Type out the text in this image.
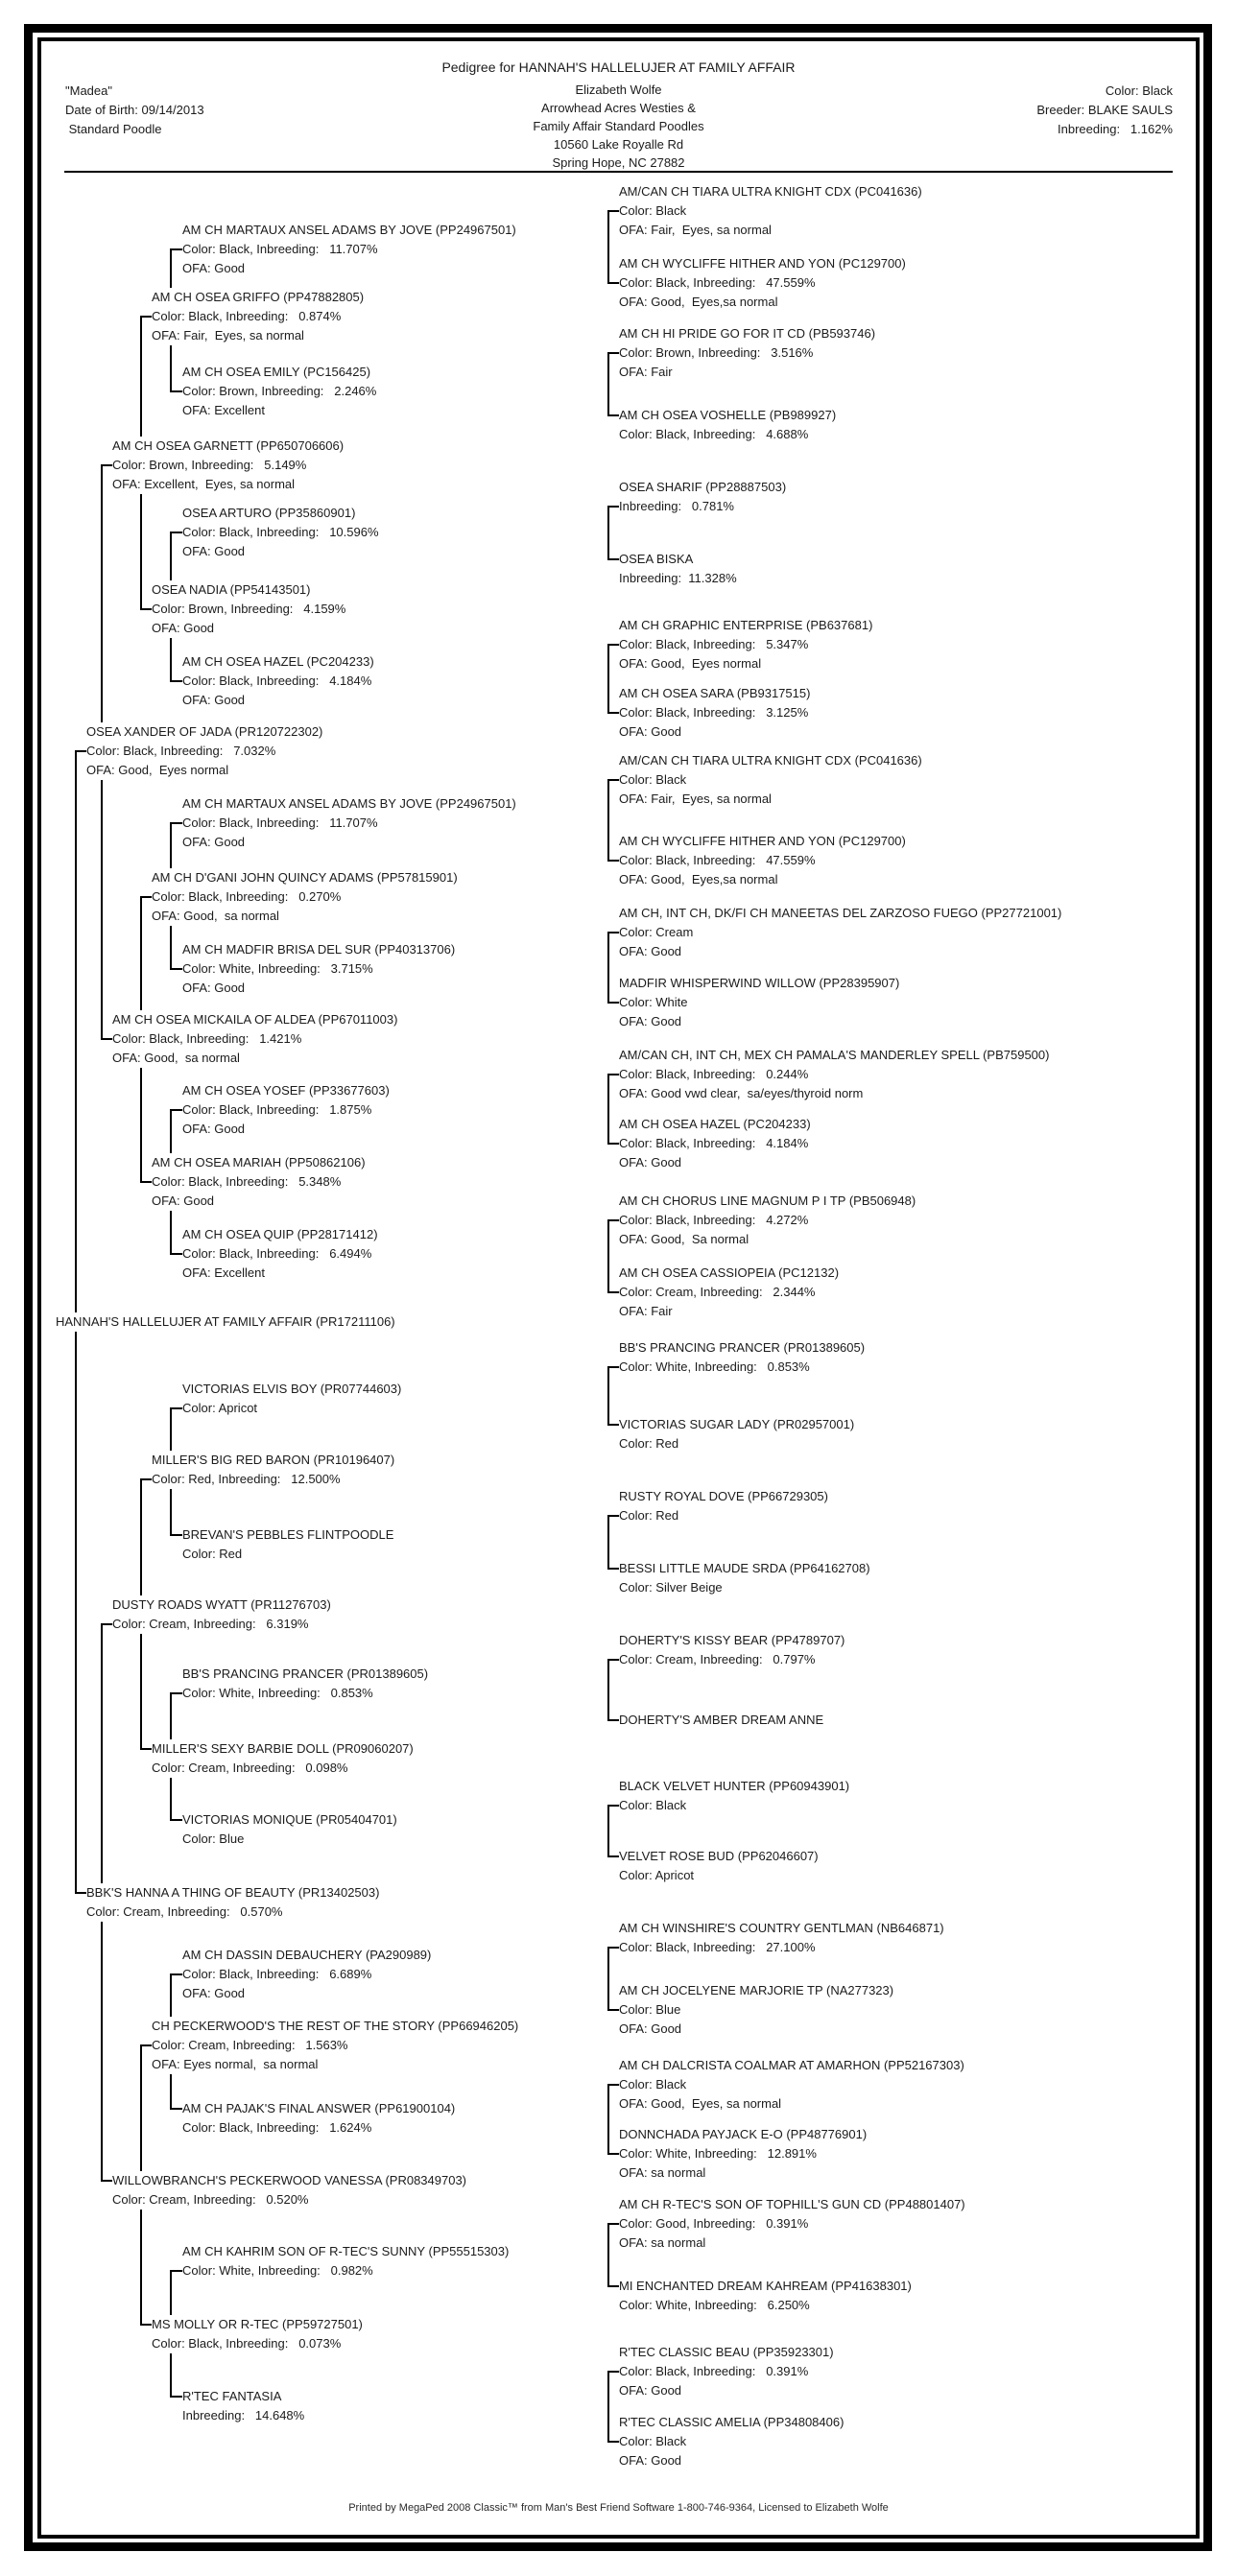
Pedigree for HANNAH'S HALLELUJER AT FAMILY AFFAIR
"Madea"
Date of Birth: 09/14/2013
Standard Poodle
Elizabeth Wolfe
Arrowhead Acres Westies &
Family Affair Standard Poodles
10560 Lake Royalle Rd
Spring Hope, NC 27882
Color: Black
Breeder: BLAKE SAULS
Inbreeding:   1.162%
HANNAH'S HALLELUJER AT FAMILY AFFAIR (PR17211106)
OSEA XANDER OF JADA (PR120722302)
Color: Black, Inbreeding:   7.032%
OFA: Good,  Eyes normal
BBK'S HANNA A THING OF BEAUTY (PR13402503)
Color: Cream, Inbreeding:   0.570%
AM CH OSEA GARNETT (PP650706606)
Color: Brown, Inbreeding:   5.149%
OFA: Excellent,  Eyes, sa normal
AM CH OSEA MICKAILA OF ALDEA (PP67011003)
Color: Black, Inbreeding:   1.421%
OFA: Good,  sa normal
DUSTY ROADS WYATT (PR11276703)
Color: Cream, Inbreeding:   6.319%
WILLOWBRANCH'S PECKERWOOD VANESSA (PR08349703)
Color: Cream, Inbreeding:   0.520%
AM CH OSEA GRIFFO (PP47882805)
Color: Black, Inbreeding:   0.874%
OFA: Fair,  Eyes, sa normal
OSEA NADIA (PP54143501)
Color: Brown, Inbreeding:   4.159%
OFA: Good
AM CH D'GANI JOHN QUINCY ADAMS (PP57815901)
Color: Black, Inbreeding:   0.270%
OFA: Good,  sa normal
AM CH OSEA MARIAH (PP50862106)
Color: Black, Inbreeding:   5.348%
OFA: Good
MILLER'S BIG RED BARON (PR10196407)
Color: Red, Inbreeding:   12.500%
MILLER'S SEXY BARBIE DOLL (PR09060207)
Color: Cream, Inbreeding:   0.098%
CH PECKERWOOD'S THE REST OF THE STORY (PP66946205)
Color: Cream, Inbreeding:   1.563%
OFA: Eyes normal,  sa normal
MS MOLLY OR R-TEC (PP59727501)
Color: Black, Inbreeding:   0.073%
AM CH MARTAUX ANSEL ADAMS BY JOVE (PP24967501)
Color: Black, Inbreeding:   11.707%
OFA: Good
AM CH OSEA EMILY (PC156425)
Color: Brown, Inbreeding:   2.246%
OFA: Excellent
OSEA ARTURO (PP35860901)
Color: Black, Inbreeding:   10.596%
OFA: Good
AM CH OSEA HAZEL (PC204233)
Color: Black, Inbreeding:   4.184%
OFA: Good
AM CH MARTAUX ANSEL ADAMS BY JOVE (PP24967501)
Color: Black, Inbreeding:   11.707%
OFA: Good
AM CH MADFIR BRISA DEL SUR (PP40313706)
Color: White, Inbreeding:   3.715%
OFA: Good
AM CH OSEA YOSEF (PP33677603)
Color: Black, Inbreeding:   1.875%
OFA: Good
AM CH OSEA QUIP (PP28171412)
Color: Black, Inbreeding:   6.494%
OFA: Excellent
VICTORIAS ELVIS BOY (PR07744603)
Color: Apricot
BREVAN'S PEBBLES FLINTPOODLE
Color: Red
BB'S PRANCING PRANCER (PR01389605)
Color: White, Inbreeding:   0.853%
VICTORIAS MONIQUE (PR05404701)
Color: Blue
AM CH DASSIN DEBAUCHERY (PA290989)
Color: Black, Inbreeding:   6.689%
OFA: Good
AM CH PAJAK'S FINAL ANSWER (PP61900104)
Color: Black, Inbreeding:   1.624%
AM CH KAHRIM SON OF R-TEC'S SUNNY (PP55515303)
Color: White, Inbreeding:   0.982%
R'TEC FANTASIA
Inbreeding:   14.648%
AM/CAN CH TIARA ULTRA KNIGHT CDX (PC041636)
Color: Black
OFA: Fair,  Eyes, sa normal
AM CH WYCLIFFE HITHER AND YON (PC129700)
Color: Black, Inbreeding:   47.559%
OFA: Good,  Eyes,sa normal
AM CH HI PRIDE GO FOR IT CD (PB593746)
Color: Brown, Inbreeding:   3.516%
OFA: Fair
AM CH OSEA VOSHELLE (PB989927)
Color: Black, Inbreeding:   4.688%
OSEA SHARIF (PP28887503)
Inbreeding:   0.781%
OSEA BISKA
Inbreeding:  11.328%
AM CH GRAPHIC ENTERPRISE (PB637681)
Color: Black, Inbreeding:   5.347%
OFA: Good,  Eyes normal
AM CH OSEA SARA (PB9317515)
Color: Black, Inbreeding:   3.125%
OFA: Good
AM/CAN CH TIARA ULTRA KNIGHT CDX (PC041636)
Color: Black
OFA: Fair,  Eyes, sa normal
AM CH WYCLIFFE HITHER AND YON (PC129700)
Color: Black, Inbreeding:   47.559%
OFA: Good,  Eyes,sa normal
AM CH, INT CH, DK/FI CH MANEETAS DEL ZARZOSO FUEGO (PP27721001)
Color: Cream
OFA: Good
MADFIR WHISPERWIND WILLOW (PP28395907)
Color: White
OFA: Good
AM/CAN CH, INT CH, MEX CH PAMALA'S MANDERLEY SPELL (PB759500)
Color: Black, Inbreeding:   0.244%
OFA: Good vwd clear,  sa/eyes/thyroid norm
AM CH OSEA HAZEL (PC204233)
Color: Black, Inbreeding:   4.184%
OFA: Good
AM CH CHORUS LINE MAGNUM P I TP (PB506948)
Color: Black, Inbreeding:   4.272%
OFA: Good,  Sa normal
AM CH OSEA CASSIOPEIA (PC12132)
Color: Cream, Inbreeding:   2.344%
OFA: Fair
BB'S PRANCING PRANCER (PR01389605)
Color: White, Inbreeding:   0.853%
VICTORIAS SUGAR LADY (PR02957001)
Color: Red
RUSTY ROYAL DOVE (PP66729305)
Color: Red
BESSI LITTLE MAUDE SRDA (PP64162708)
Color: Silver Beige
DOHERTY'S KISSY BEAR (PP4789707)
Color: Cream, Inbreeding:   0.797%
DOHERTY'S AMBER DREAM ANNE
BLACK VELVET HUNTER (PP60943901)
Color: Black
VELVET ROSE BUD (PP62046607)
Color: Apricot
AM CH WINSHIRE'S COUNTRY GENTLMAN (NB646871)
Color: Black, Inbreeding:   27.100%
AM CH JOCELYENE MARJORIE TP (NA277323)
Color: Blue
OFA: Good
AM CH DALCRISTA COALMAR AT AMARHON (PP52167303)
Color: Black
OFA: Good,  Eyes, sa normal
DONNCHADA PAYJACK E-O (PP48776901)
Color: White, Inbreeding:   12.891%
OFA: sa normal
AM CH R-TEC'S SON OF TOPHILL'S GUN CD (PP48801407)
Color: Good, Inbreeding:   0.391%
OFA: sa normal
MI ENCHANTED DREAM KAHREAM (PP41638301)
Color: White, Inbreeding:   6.250%
R'TEC CLASSIC BEAU (PP35923301)
Color: Black, Inbreeding:   0.391%
OFA: Good
R'TEC CLASSIC AMELIA (PP34808406)
Color: Black
OFA: Good
Printed by MegaPed 2008 Classic™ from Man's Best Friend Software 1-800-746-9364, Licensed to Elizabeth Wolfe
